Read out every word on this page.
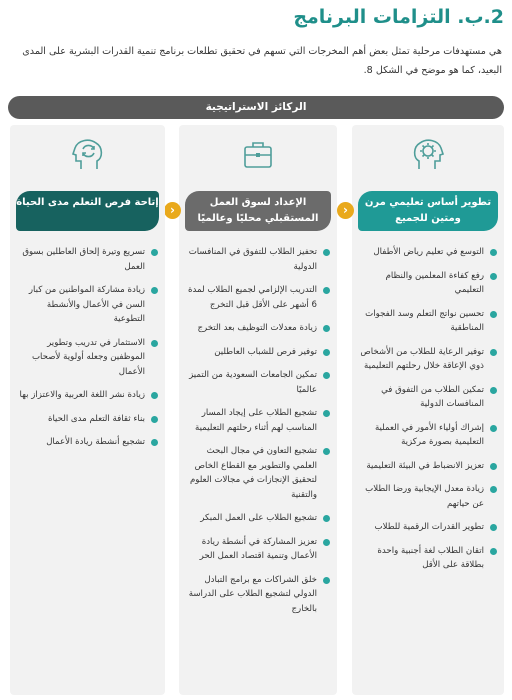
2.ب. التزامات البرنامج
هي مستهدفات مرحلية تمثل بعض أهم المخرجات التي تسهم في تحقيق تطلعات برنامج تنمية القدرات البشرية على المدى البعيد، كما هو موضح في الشكل 8.
الركائز الاستراتيجية
تطوير أساس تعليمي مرن ومتين للجميع
التوسع في تعليم رياض الأطفال
رفع كفاءة المعلمين والنظام التعليمي
تحسين نواتج التعلم وسد الفجوات المناطقية
توفير الرعاية للطلاب من الأشخاص ذوي الإعاقة خلال رحلتهم التعليمية
تمكين الطلاب من التفوق في المنافسات الدولية
إشراك أولياء الأمور في العملية التعليمية بصورة مركزية
تعزيز الانضباط في البيئة التعليمية
زيادة معدل الإيجابية ورضا الطلاب عن حياتهم
تطوير القدرات الرقمية للطلاب
اتقان الطلاب لغة أجنبية واحدة بطلاقة على الأقل
‹
الإعداد لسوق العمل المستقبلي محليًا وعالميًا
تحفيز الطلاب للتفوق في المنافسات الدولية
التدريب الإلزامي لجميع الطلاب لمدة 6 أشهر على الأقل قبل التخرج
زيادة معدلات التوظيف بعد التخرج
توفير فرص للشباب العاطلين
تمكين الجامعات السعودية من التميز عالميًا
تشجيع الطلاب على إيجاد المسار المناسب لهم أثناء رحلتهم التعليمية
تشجيع التعاون في مجال البحث العلمي والتطوير مع القطاع الخاص لتحقيق الإنجازات في مجالات العلوم والتقنية
تشجيع الطلاب على العمل المبكر
تعزيز المشاركة في أنشطة ريادة الأعمال وتنمية اقتصاد العمل الحر
خلق الشراكات مع برامج التبادل الدولي لتشجيع الطلاب على الدراسة بالخارج
‹
إتاحة فرص التعلم مدى الحياة
تسريع وتيرة إلحاق العاطلين بسوق العمل
زيادة مشاركة المواطنين من كبار السن في الأعمال والأنشطة التطوعية
الاستثمار في تدريب وتطوير الموظفين وجعله أولوية لأصحاب الأعمال
زيادة نشر اللغة العربية والاعتزاز بها
بناء ثقافة التعلم مدى الحياة
تشجيع أنشطة ريادة الأعمال
